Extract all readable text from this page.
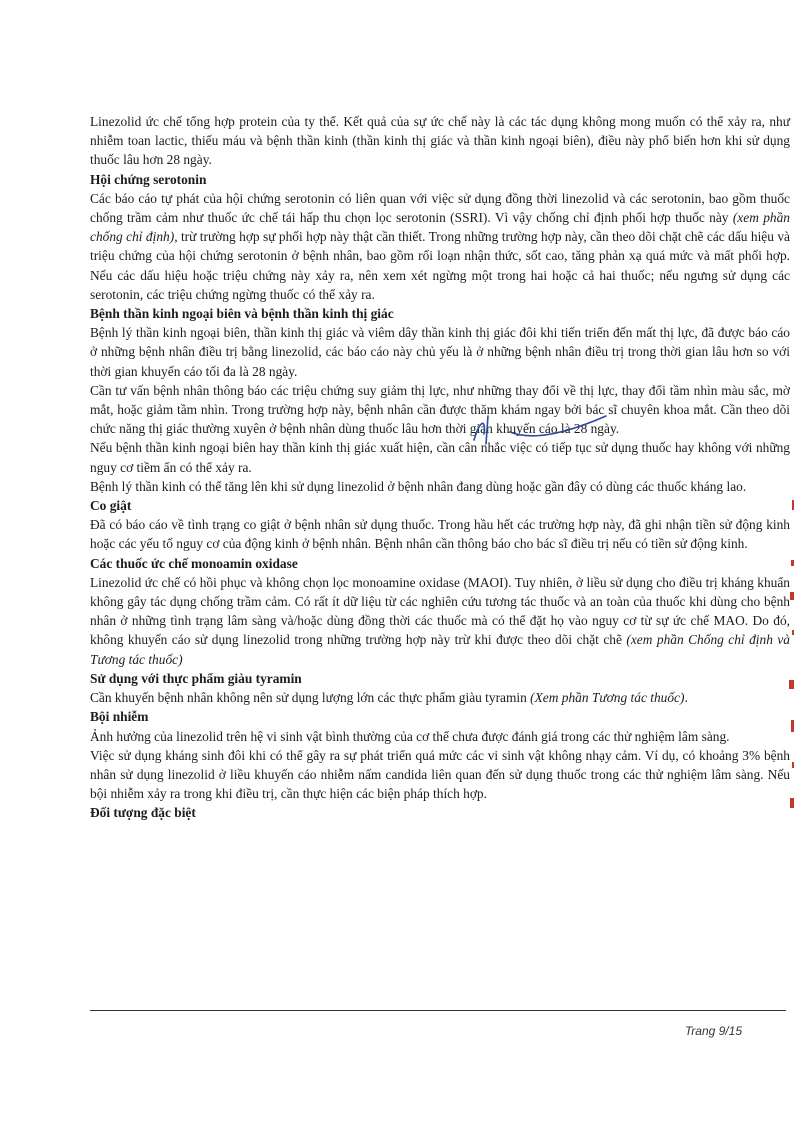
Linezolid ức chế tổng hợp protein của ty thể. Kết quả của sự ức chế này là các tác dụng không mong muốn có thể xảy ra, như nhiễm toan lactic, thiếu máu và bệnh thần kinh (thần kinh thị giác và thần kinh ngoại biên), điều này phổ biến hơn khi sử dụng thuốc lâu hơn 28 ngày.

Hội chứng serotonin

Các báo cáo tự phát của hội chứng serotonin có liên quan với việc sử dụng đồng thời linezolid và các serotonin, bao gồm thuốc chống trầm cảm như thuốc ức chế tái hấp thu chọn lọc serotonin (SSRI). Vì vậy chống chỉ định phối hợp thuốc này (xem phần chống chỉ định), trừ trường hợp sự phối hợp này thật cần thiết. Trong những trường hợp này, cần theo dõi chặt chẽ các dấu hiệu và triệu chứng của hội chứng serotonin ở bệnh nhân, bao gồm rối loạn nhận thức, sốt cao, tăng phản xạ quá mức và mất phối hợp. Nếu các dấu hiệu hoặc triệu chứng này xảy ra, nên xem xét ngừng một trong hai hoặc cả hai thuốc; nếu ngưng sử dụng các serotonin, các triệu chứng ngừng thuốc có thể xảy ra.

Bệnh thần kinh ngoại biên và bệnh thần kinh thị giác

Bệnh lý thần kinh ngoại biên, thần kinh thị giác và viêm dây thần kinh thị giác đôi khi tiến triển đến mất thị lực, đã được báo cáo ở những bệnh nhân điều trị bằng linezolid, các báo cáo này chủ yếu là ở những bệnh nhân điều trị trong thời gian lâu hơn so với thời gian khuyến cáo tối đa là 28 ngày.

Cần tư vấn bệnh nhân thông báo các triệu chứng suy giảm thị lực, như những thay đổi về thị lực, thay đổi tầm nhìn màu sắc, mờ mắt, hoặc giảm tầm nhìn. Trong trường hợp này, bệnh nhân cần được thăm khám ngay bởi bác sĩ chuyên khoa mắt. Cần theo dõi chức năng thị giác thường xuyên ở bệnh nhân dùng thuốc lâu hơn thời gian khuyến cáo là 28 ngày.

Nếu bệnh thần kinh ngoại biên hay thần kinh thị giác xuất hiện, cần cân nhắc việc có tiếp tục sử dụng thuốc hay không với những nguy cơ tiềm ẩn có thể xảy ra.

Bệnh lý thần kinh có thể tăng lên khi sử dụng linezolid ở bệnh nhân đang dùng hoặc gần đây có dùng các thuốc kháng lao.

Co giật

Đã có báo cáo về tình trạng co giật ở bệnh nhân sử dụng thuốc. Trong hầu hết các trường hợp này, đã ghi nhận tiền sử động kinh hoặc các yếu tố nguy cơ của động kinh ở bệnh nhân. Bệnh nhân cần thông báo cho bác sĩ điều trị nếu có tiền sử động kinh.

Các thuốc ức chế monoamin oxidase

Linezolid ức chế có hồi phục và không chọn lọc monoamine oxidase (MAOI). Tuy nhiên, ở liều sử dụng cho điều trị kháng khuẩn không gây tác dụng chống trầm cảm. Có rất ít dữ liệu từ các nghiên cứu tương tác thuốc và an toàn của thuốc khi dùng cho bệnh nhân ở những tình trạng lâm sàng và/hoặc dùng đồng thời các thuốc mà có thể đặt họ vào nguy cơ từ sự ức chế MAO. Do đó, không khuyến cáo sử dụng linezolid trong những trường hợp này trừ khi được theo dõi chặt chẽ (xem phần Chống chỉ định và Tương tác thuốc)

Sử dụng với thực phẩm giàu tyramin

Cần khuyến bệnh nhân không nên sử dụng lượng lớn các thực phẩm giàu tyramin (Xem phần Tương tác thuốc).

Bội nhiễm

Ảnh hưởng của linezolid trên hệ vi sinh vật bình thường của cơ thể chưa được đánh giá trong các thử nghiệm lâm sàng.

Việc sử dụng kháng sinh đôi khi có thể gây ra sự phát triển quá mức các vi sinh vật không nhạy cảm. Ví dụ, có khoảng 3% bệnh nhân sử dụng linezolid ở liều khuyến cáo nhiễm nấm candida liên quan đến sử dụng thuốc trong các thử nghiệm lâm sàng. Nếu bội nhiễm xảy ra trong khi điều trị, cần thực hiện các biện pháp thích hợp.

Đối tượng đặc biệt
Trang 9/15
